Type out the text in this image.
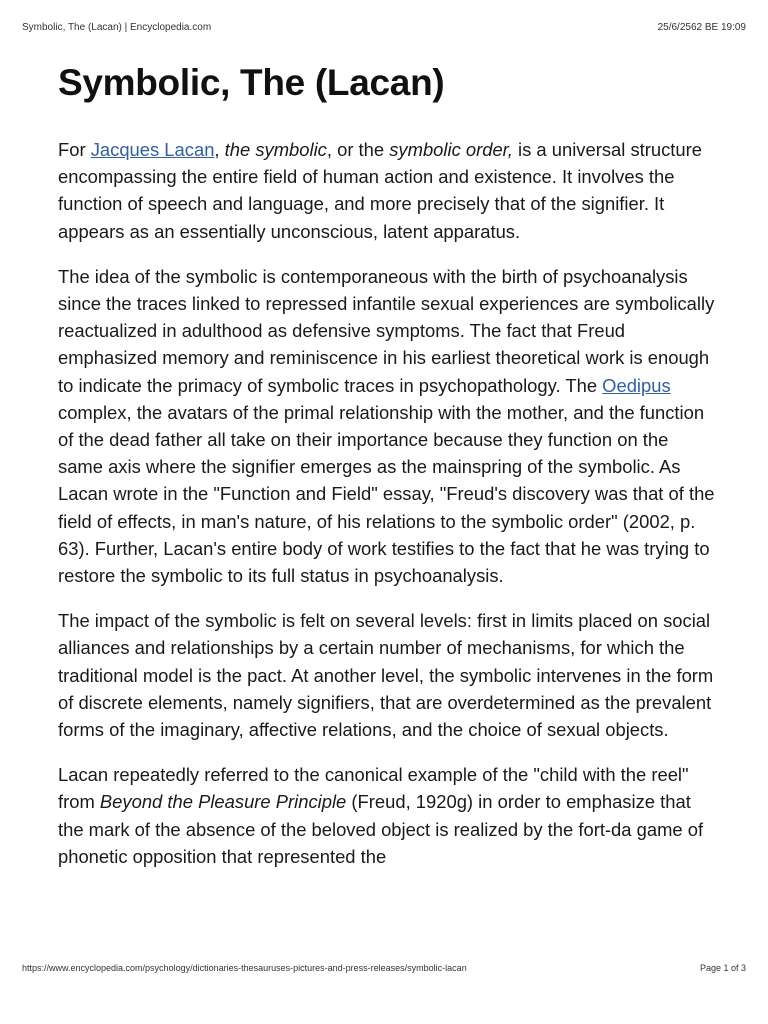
Symbolic, The (Lacan) | Encyclopedia.com	25/6/2562 BE 19:09
Symbolic, The (Lacan)

For Jacques Lacan, the symbolic, or the symbolic order, is a universal structure encompassing the entire field of human action and existence. It involves the function of speech and language, and more precisely that of the signifier. It appears as an essentially unconscious, latent apparatus.

The idea of the symbolic is contemporaneous with the birth of psychoanalysis since the traces linked to repressed infantile sexual experiences are symbolically reactualized in adulthood as defensive symptoms. The fact that Freud emphasized memory and reminiscence in his earliest theoretical work is enough to indicate the primacy of symbolic traces in psychopathology. The Oedipus complex, the avatars of the primal relationship with the mother, and the function of the dead father all take on their importance because they function on the same axis where the signifier emerges as the mainspring of the symbolic. As Lacan wrote in the "Function and Field" essay, "Freud's discovery was that of the field of effects, in man's nature, of his relations to the symbolic order" (2002, p. 63). Further, Lacan's entire body of work testifies to the fact that he was trying to restore the symbolic to its full status in psychoanalysis.

The impact of the symbolic is felt on several levels: first in limits placed on social alliances and relationships by a certain number of mechanisms, for which the traditional model is the pact. At another level, the symbolic intervenes in the form of discrete elements, namely signifiers, that are overdetermined as the prevalent forms of the imaginary, affective relations, and the choice of sexual objects.

Lacan repeatedly referred to the canonical example of the "child with the reel" from Beyond the Pleasure Principle (Freud, 1920g) in order to emphasize that the mark of the absence of the beloved object is realized by the fort-da game of phonetic opposition that represented the

https://www.encyclopedia.com/psychology/dictionaries-thesauruses-pictures-and-press-releases/symbolic-lacan	Page 1 of 3
